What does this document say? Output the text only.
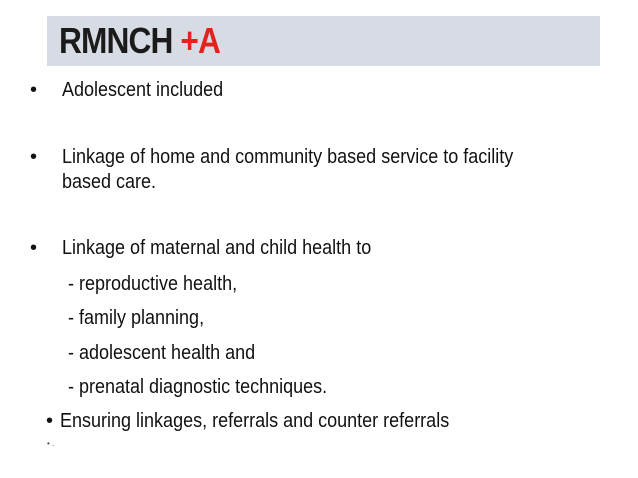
RMNCH +A
• Adolescent included
• Linkage of home and community based service to facility
based care.
• Linkage of maternal and child health to
- reproductive health,
- family planning,
- adolescent health and
- prenatal diagnostic techniques.
• Ensuring linkages, referrals and counter referrals
• .
